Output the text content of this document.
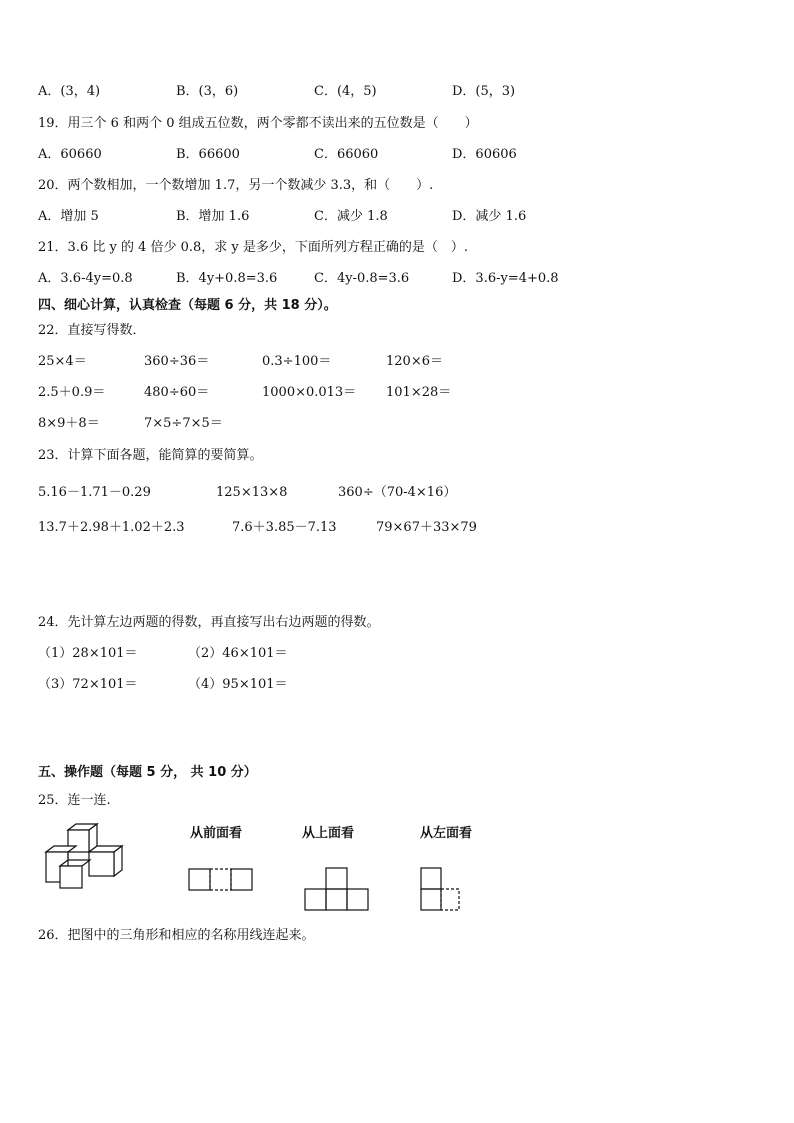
A．(3，4)	B．(3，6)	C．(4，5)	D．(5，3)
19．用三个 6 和两个 0 组成五位数，两个零都不读出来的五位数是（　　）
A．60660	B．66600	C．66060	D．60606
20．两个数相加，一个数增加 1.7，另一个数减少 3.3，和（　　）.
A．增加 5	B．增加 1.6	C．减少 1.8	D．减少 1.6
21．3.6 比 y 的 4 倍少 0.8，求 y 是多少，下面所列方程正确的是（　）.
A．3.6-4y=0.8	B．4y+0.8=3.6	C．4y-0.8=3.6	D．3.6-y=4+0.8
四、细心计算，认真检查（每题 6 分，共 18 分）。
22．直接写得数．
25×4＝	360÷36＝	0.3÷100＝	120×6＝
2.5＋0.9＝	480÷60＝	1000×0.013＝ 101×28＝
8×9＋8＝	7×5÷7×5＝
23．计算下面各题，能简算的要简算。
5.16－1.71－0.29	125×13×8	360÷（70-4×16）
13.7＋2.98＋1.02＋2.3	7.6＋3.85－7.13	79×67＋33×79
24．先计算左边两题的得数，再直接写出右边两题的得数。
（1）28×101＝	（2）46×101＝
（3）72×101＝	（4）95×101＝
五、操作题（每题 5 分， 共 10 分）
25．连一连.
从前面看	从上面看	从左面看
26．把图中的三角形和相应的名称用线连起来。
